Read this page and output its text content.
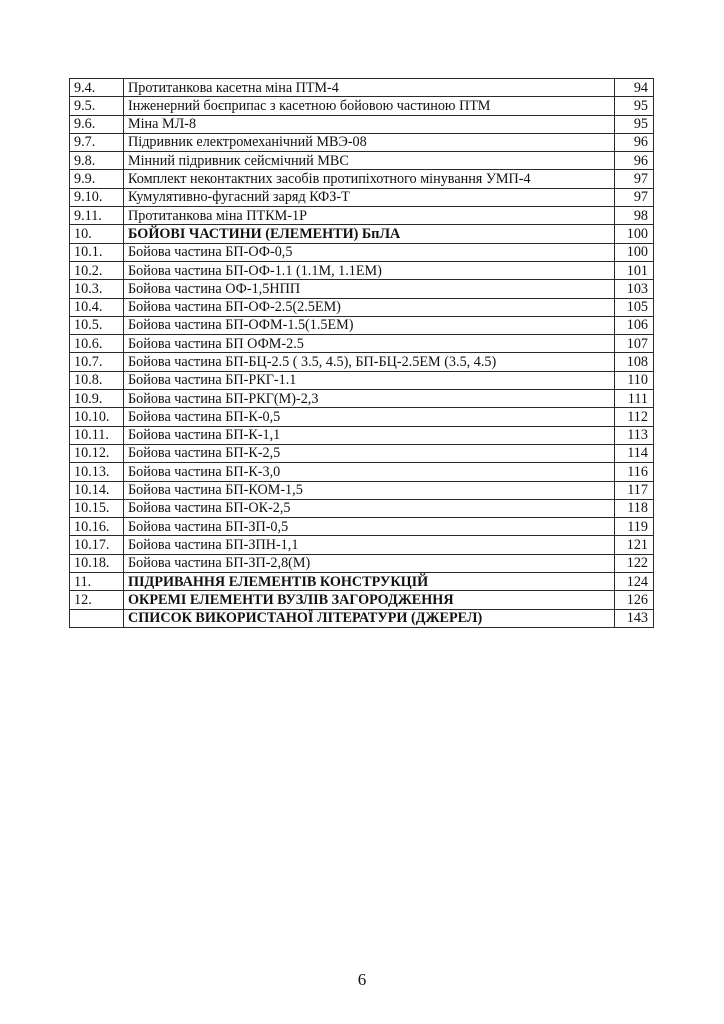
9.4.	Протитанкова касетна міна ПТМ-4	94
9.5.	Інженерний боєприпас з касетною бойовою частиною ПТМ	95
9.6.	Міна МЛ-8	95
9.7.	Підривник електромеханічний МВЭ-08	96
9.8.	Мінний підривник сейсмічний МВС	96
9.9.	Комплект неконтактних засобів протипіхотного мінування УМП-4	97
9.10.	Кумулятивно-фугасний заряд КФЗ-Т	97
9.11.	Протитанкова міна ПТКМ-1Р	98
10.	БОЙОВІ ЧАСТИНИ (ЕЛЕМЕНТИ) БпЛА	100
10.1.	Бойова частина БП-ОФ-0,5	100
10.2.	Бойова частина БП-ОФ-1.1 (1.1М, 1.1ЕМ)	101
10.3.	Бойова частина ОФ-1,5НПП	103
10.4.	Бойова частина БП-ОФ-2.5(2.5ЕМ)	105
10.5.	Бойова частина БП-ОФМ-1.5(1.5ЕМ)	106
10.6.	Бойова частина БП ОФМ-2.5	107
10.7.	Бойова частина БП-БЦ-2.5 ( 3.5, 4.5), БП-БЦ-2.5ЕМ (3.5, 4.5)	108
10.8.	Бойова частина БП-РКГ-1.1	110
10.9.	Бойова частина БП-РКГ(М)-2,3	111
10.10.	Бойова частина БП-К-0,5	112
10.11.	Бойова частина БП-К-1,1	113
10.12.	Бойова частина БП-К-2,5	114
10.13.	Бойова частина БП-К-3,0	116
10.14.	Бойова частина БП-КОМ-1,5	117
10.15.	Бойова частина БП-ОК-2,5	118
10.16.	Бойова частина БП-ЗП-0,5	119
10.17.	Бойова частина БП-ЗПН-1,1	121
10.18.	Бойова частина БП-ЗП-2,8(М)	122
11.	ПІДРИВАННЯ ЕЛЕМЕНТІВ КОНСТРУКЦІЙ	124
12.	ОКРЕМІ ЕЛЕМЕНТИ ВУЗЛІВ ЗАГОРОДЖЕННЯ	126
	СПИСОК ВИКОРИСТАНОЇ ЛІТЕРАТУРИ (ДЖЕРЕЛ)	143
6
